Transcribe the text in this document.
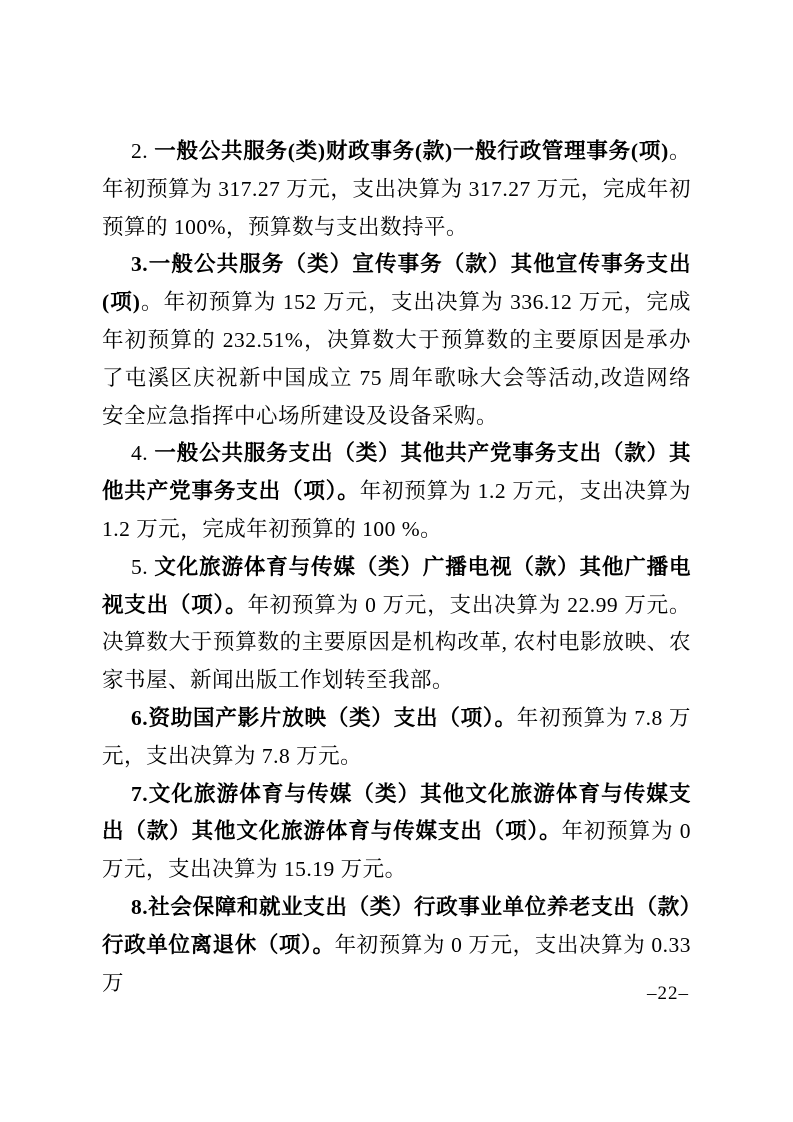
2. 一般公共服务(类)财政事务(款)一般行政管理事务(项)。年初预算为 317.27 万元，支出决算为 317.27 万元，完成年初预算的 100%，预算数与支出数持平。

3.一般公共服务（类）宣传事务（款）其他宣传事务支出(项)。年初预算为 152 万元，支出决算为 336.12 万元，完成年初预算的 232.51%，决算数大于预算数的主要原因是承办了屯溪区庆祝新中国成立 75 周年歌咏大会等活动,改造网络安全应急指挥中心场所建设及设备采购。

4. 一般公共服务支出（类）其他共产党事务支出（款）其他共产党事务支出（项）。年初预算为 1.2 万元，支出决算为 1.2 万元，完成年初预算的 100 %。

5. 文化旅游体育与传媒（类）广播电视（款）其他广播电视支出（项）。年初预算为 0 万元，支出决算为 22.99 万元。决算数大于预算数的主要原因是机构改革, 农村电影放映、农家书屋、新闻出版工作划转至我部。

6.资助国产影片放映（类）支出（项）。年初预算为 7.8 万元，支出决算为 7.8 万元。

7.文化旅游体育与传媒（类）其他文化旅游体育与传媒支出（款）其他文化旅游体育与传媒支出（项）。年初预算为 0 万元，支出决算为 15.19 万元。

8.社会保障和就业支出（类）行政事业单位养老支出（款）行政单位离退休（项）。年初预算为 0 万元，支出决算为 0.33 万	–22–
